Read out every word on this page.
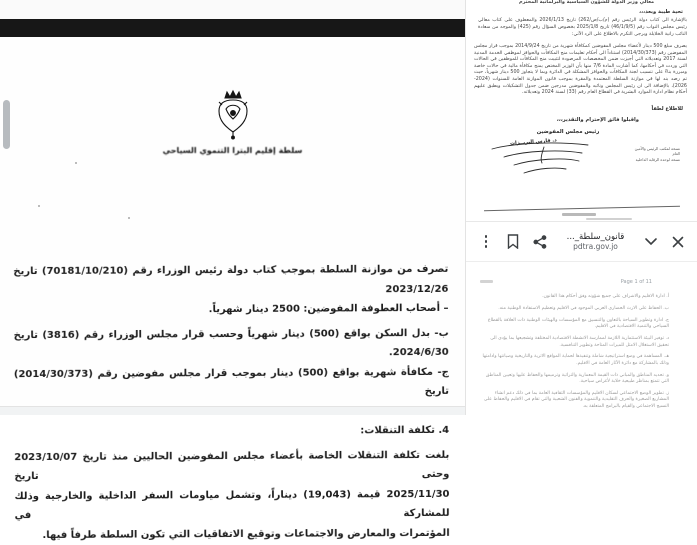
سلطة إقليم البترا التنموي السياحي
تصرف من موازنة السلطة بموجب كتاب دولة رئيس الوزراء رقم (70181/10/210) تاريخ 2023/12/26
– أصحاب العطوفة المفوضين: 2500 دينار شهرياً.
ب- بدل السكن بواقع (500) دينار شهرياً وحسب قرار مجلس الوزراء رقم (3816) تاريخ 2024/6/30.
ج- مكافأة شهرية بواقع (500) دينار بموجب قرار مجلس مفوضين رقم (2014/30/373) تاريخ
4. تكلفة التنقلات:
بلغت تكلفة التنقلات الخاصة بأعضاء مجلس المفوضين الحاليين منذ تاريخ 2023/10/07 وحتى تاريخ
2025/11/30 قيمة (19,043) ديناراً، وتشمل مياومات السفر الداخلية والخارجية وذلك للمشاركة في
المؤتمرات والمعارض والاجتماعات وتوقيع الاتفاقيات التي تكون السلطة طرفاً فيها.
معالي وزير الدولة للشؤون السياسية والبرلمانية المحترم
تحية طيبة وبعد،،،
بالإشارة الى كتاب دولة الرئيس رقم (م/ب/ص/262) تاريخ 2026/1/13 والمعطوف على كتاب معالي رئيس مجلس النواب رقم (46/1/9/5) تاريخ 2025/1/8 بخصوص السؤال رقم (425) والموجه من سعادة النائب رانية الخلايلة ويرجى التكرم بالاطلاع على الرد الآتي:
يصرف مبلغ 500 دينار لأعضاء مجلس المفوضين كمكافأة شهرية من تاريخ 2014/9/24 بموجب قرار مجلس المفوضين رقم (2014/30/373) استناداً الى أحكام تعليمات منح المكافآت والحوافز لموظفي الخدمة المدنية لسنة 2017 وتعديلاته التي أجيزت ضمن المخصصات المرصودة لتثبيت منح المكافآت للموظفين في الحالات التي وردت في أحكامها، كما أشارت المادة 7/6 منها بأن الوزير المختص يمنح مكافأة مالية في حالات خاصة ومبررة بناءً على تنسيب لجنة المكافآت والحوافز المشكلة في الدائرة وبما لا يتجاوز 500 دينار شهرياً، حيث تم رصد بند لها في موازنة السلطة المعتمدة والمقرة بموجب قانون الموازنة العامة للسنوات (2024-2026)، بالإضافة الى ان رئيس المجلس ونائبه والمفوضين مدرجين ضمن جدول التشكيلات ويطبق عليهم أحكام نظام ادارة الموارد البشرية في القطاع العام رقم (33) لسنة 2024 وتعديلاته.
للاطلاع لطفاً
واقبلوا فائق الإحترام والتقدير،،،
رئيس مجلس المفوضين
د. فارس البريــزات
نسخة لمكتب الرئيس والأمين العام
نسخة لوحدة الرقابة الداخلية
قانون_سلطة_...
pdtra.gov.jo
Page 1 of 11
أ. ادارة الاقليم والاشراف على جميع شؤونه وفق أحكام هذا القانون.
ب. الحفاظ على الارث الحضاري العربي الموجود في الاقليم وتعظيم الاستفادة الوطنية منه.
ج. ادارة وتطوير السياحة بالتعاون والتنسيق مع المؤسسات والهيئات الوطنية ذات العلاقة بالقطاع السياحي والتنمية الاقتصادية في الاقليم.
د. توفير البيئة الاستثمارية اللازمة لممارسة الانشطة الاقتصادية المختلفة وتشجيعها بما يؤدي الى تحقيق الاستغلال الامثل للميزات المتاحة وتطوير التنافسية.
هـ. المساهمة في وضع استراتيجية شاملة وتنفيذها لحماية المواقع الاثرية والتاريخية وصيانتها وادامتها وذلك بالمشاركة مع دائرة الآثار العامة في الاقليم.
و. تحديد المناطق والمباني ذات القيمة المعمارية والتراثية وترميمها والحفاظ عليها وتعيين المناطق التي تتمتع بمناظر طبيعية خلابة لأغراض سياحية.
ز. تطوير الوضع الاجتماعي لسكان الاقليم والمؤسسات الثقافية العامة بما في ذلك دعم انشاء المشاريع الصغيرة والحرف التقليدية والتنموية والفنون الشعبية والتي تقام في الاقليم والحفاظ على النسيج الاجتماعي والقيام بالبرامج المتعلقة به.
